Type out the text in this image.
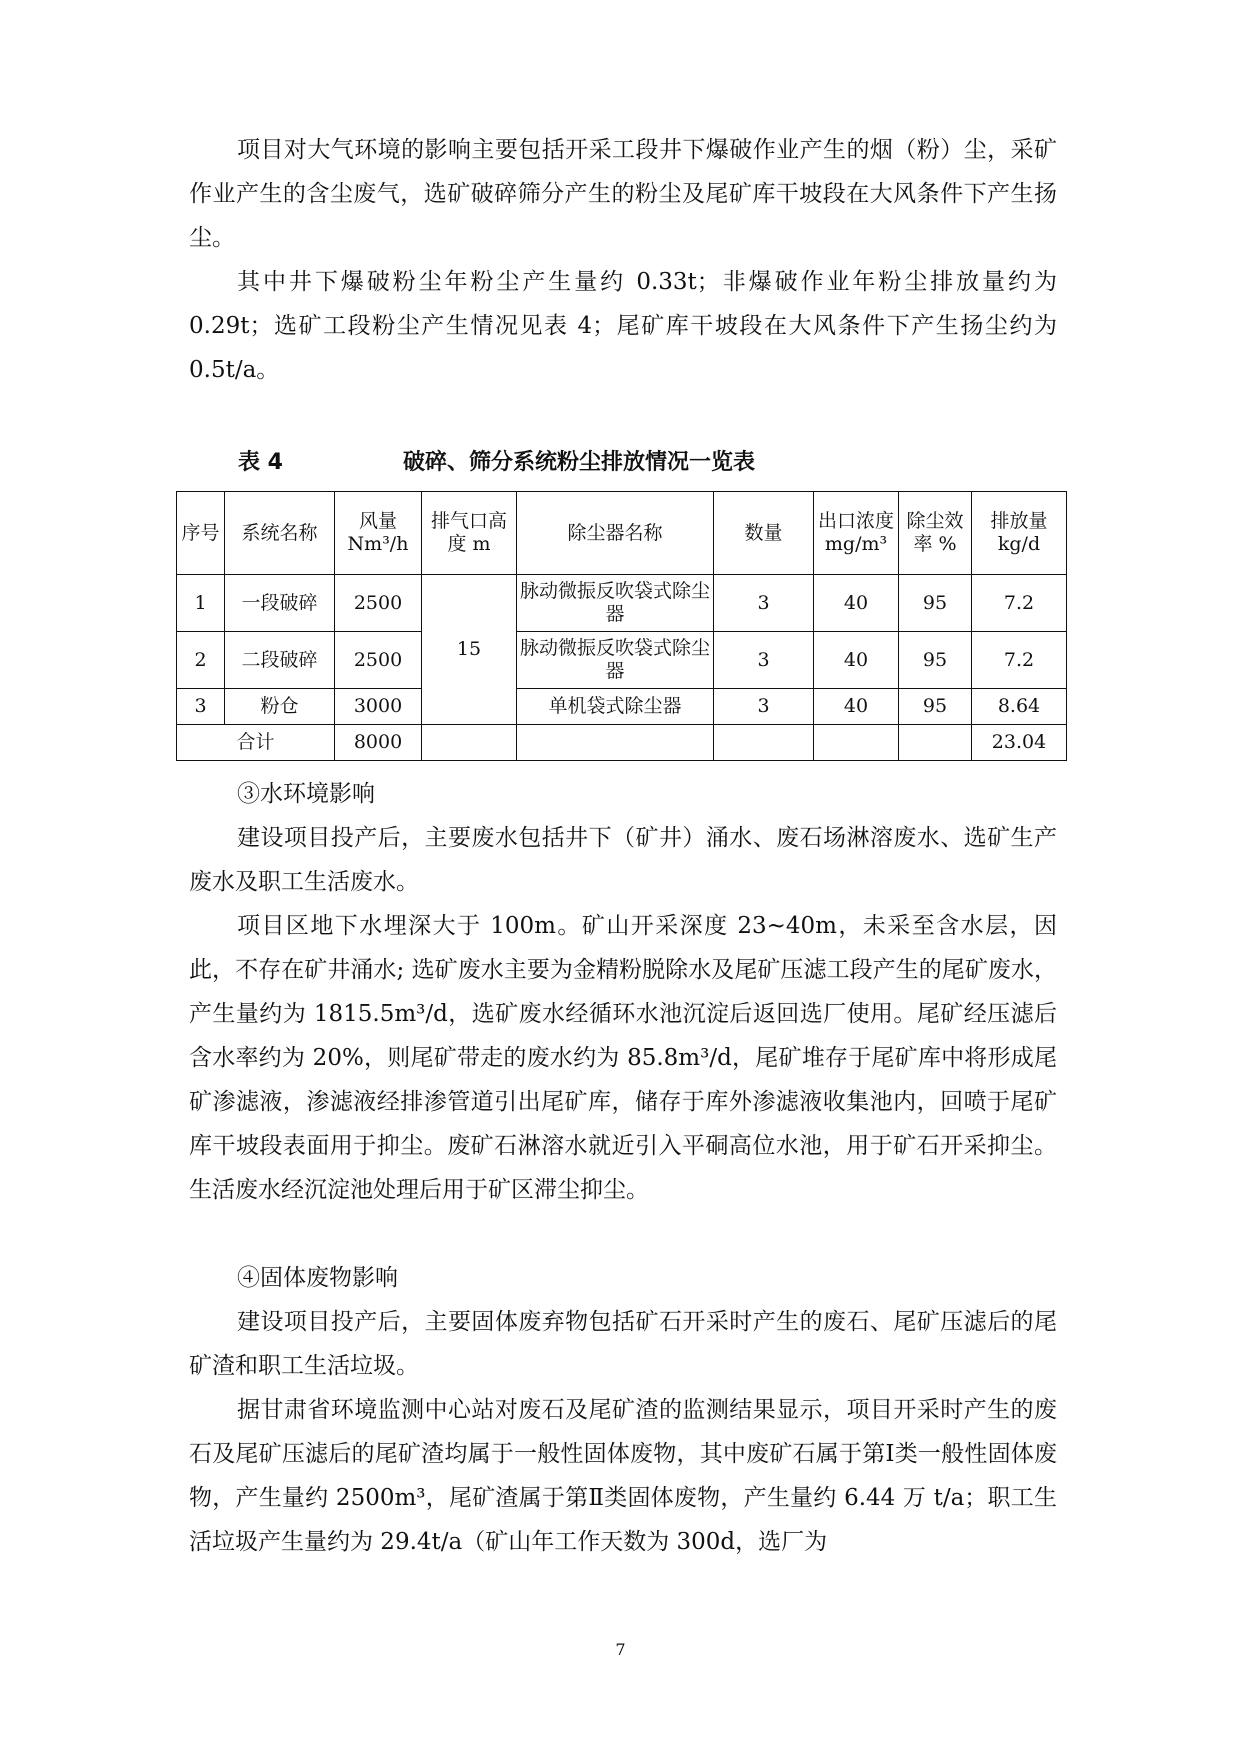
项目对大气环境的影响主要包括开采工段井下爆破作业产生的烟（粉）尘，采矿作业产生的含尘废气，选矿破碎筛分产生的粉尘及尾矿库干坡段在大风条件下产生扬尘。

其中井下爆破粉尘年粉尘产生量约 0.33t；非爆破作业年粉尘排放量约为 0.29t；选矿工段粉尘产生情况见表 4；尾矿库干坡段在大风条件下产生扬尘约为 0.5t/a。

表 4	破碎、筛分系统粉尘排放情况一览表
序号	系统名称	风量 Nm³/h	排气口高度 m	除尘器名称	数量	出口浓度 mg/m³	除尘效率 %	排放量 kg/d
1	一段破碎	2500	15	脉动微振反吹袋式除尘器	3	40	95	7.2
2	二段破碎	2500		脉动微振反吹袋式除尘器	3	40	95	7.2
3	粉仓	3000		单机袋式除尘器	3	40	95	8.64
合计		8000						23.04

③水环境影响

建设项目投产后，主要废水包括井下（矿井）涌水、废石场淋溶废水、选矿生产废水及职工生活废水。

项目区地下水埋深大于 100m。矿山开采深度 23~40m，未采至含水层，因此，不存在矿井涌水; 选矿废水主要为金精粉脱除水及尾矿压滤工段产生的尾矿废水，产生量约为 1815.5m³/d，选矿废水经循环水池沉淀后返回选厂使用。尾矿经压滤后含水率约为 20%，则尾矿带走的废水约为 85.8m³/d，尾矿堆存于尾矿库中将形成尾矿渗滤液，渗滤液经排渗管道引出尾矿库，储存于库外渗滤液收集池内，回喷于尾矿库干坡段表面用于抑尘。废矿石淋溶水就近引入平硐高位水池，用于矿石开采抑尘。生活废水经沉淀池处理后用于矿区滞尘抑尘。

④固体废物影响

建设项目投产后，主要固体废弃物包括矿石开采时产生的废石、尾矿压滤后的尾矿渣和职工生活垃圾。

据甘肃省环境监测中心站对废石及尾矿渣的监测结果显示，项目开采时产生的废石及尾矿压滤后的尾矿渣均属于一般性固体废物，其中废矿石属于第Ⅰ类一般性固体废物，产生量约 2500m³，尾矿渣属于第Ⅱ类固体废物，产生量约 6.44 万 t/a；职工生活垃圾产生量约为 29.4t/a（矿山年工作天数为 300d，选厂为

7
